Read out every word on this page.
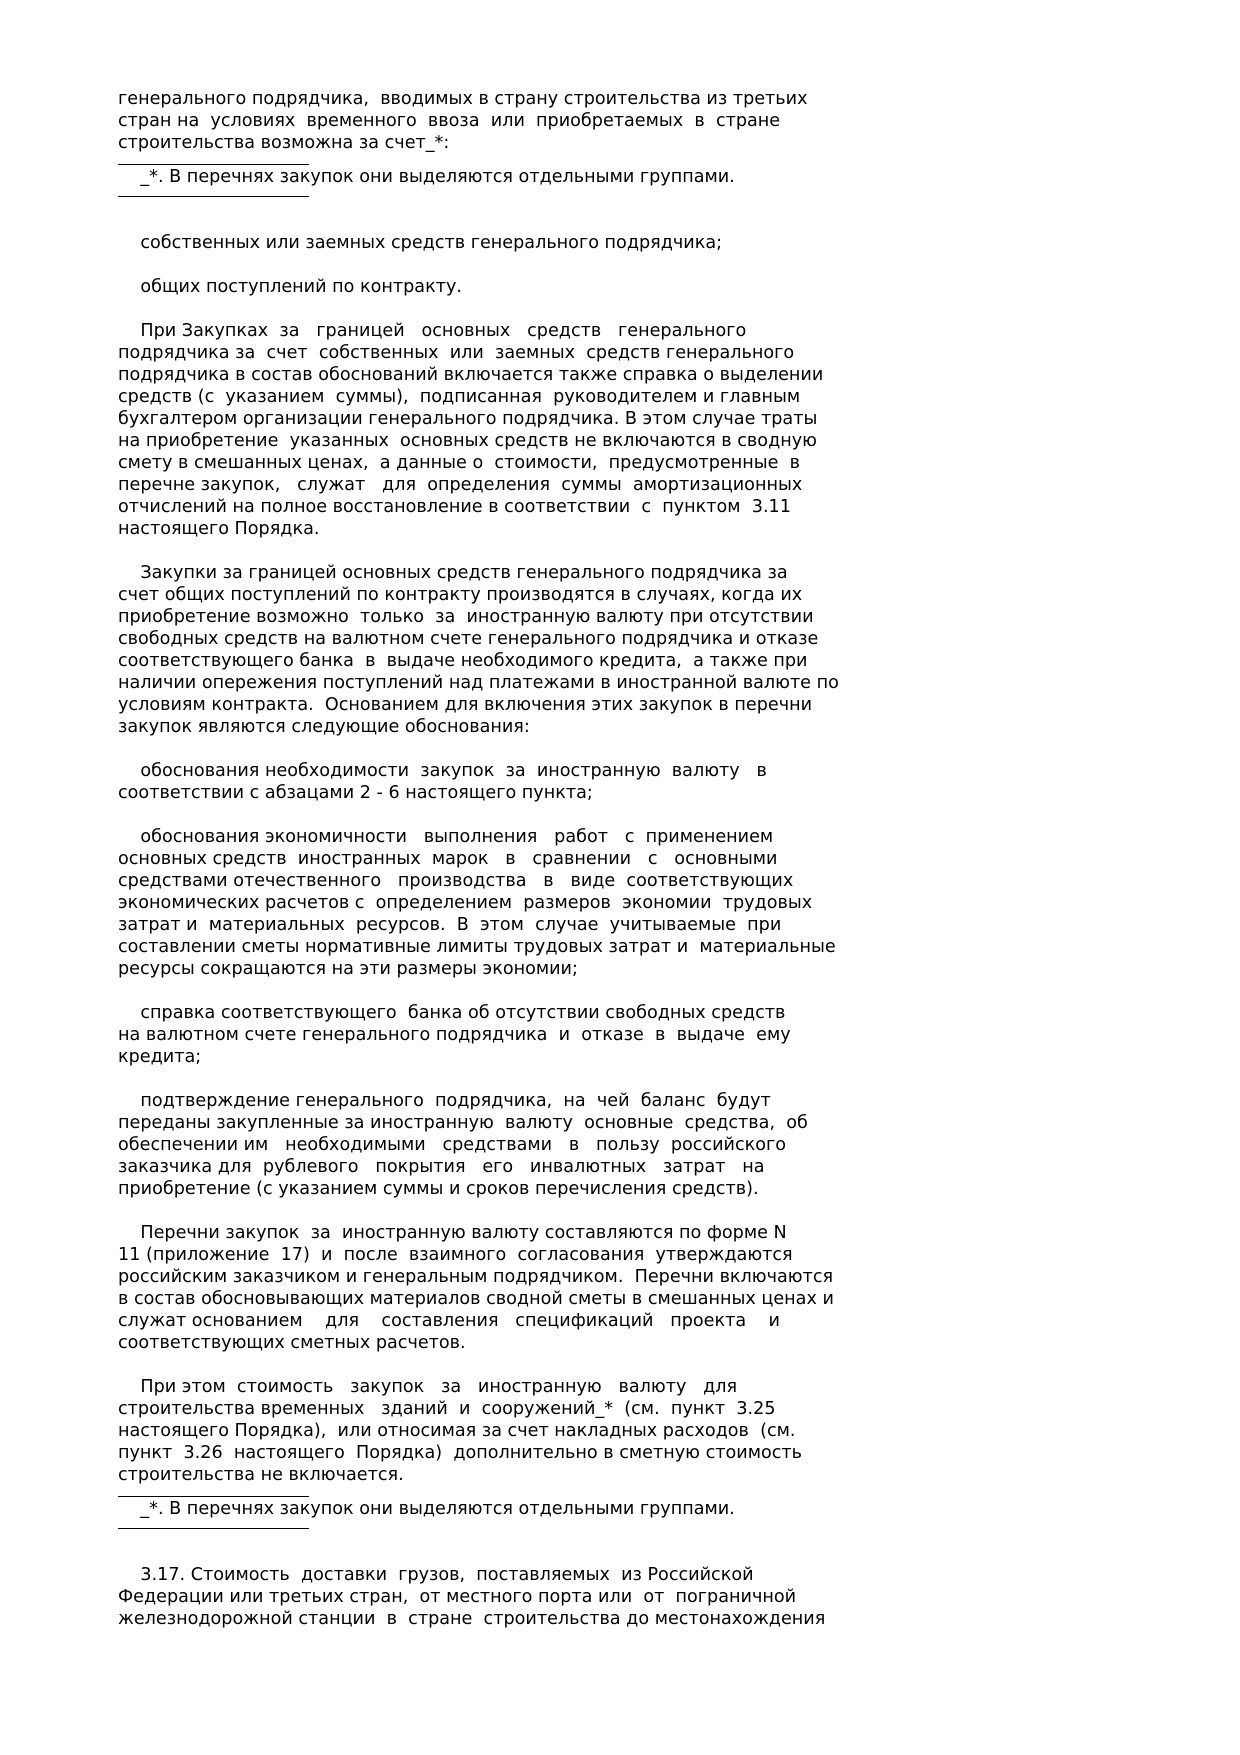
генерального подрядчика,  вводимых в страну строительства из третьих
стран на  условиях  временного  ввоза  или  приобретаемых  в  стране
строительства возможна за счет_*:
_*. В перечнях закупок они выделяются отдельными группами.
собственных или заемных средств генерального подрядчика;
общих поступлений по контракту.
При Закупках  за   границей   основных   средств   генерального
подрядчика за  счет  собственных  или  заемных  средств генерального
подрядчика в состав обоснований включается также справка о выделении
средств (с  указанием  суммы),  подписанная  руководителем и главным
бухгалтером организации генерального подрядчика. В этом случае траты
на приобретение  указанных  основных средств не включаются в сводную
смету в смешанных ценах,  а данные о  стоимости,  предусмотренные  в
перечне закупок,   служат   для  определения  суммы  амортизационных
отчислений на полное восстановление в соответствии  с  пунктом  3.11
настоящего Порядка.
Закупки за границей основных средств генерального подрядчика за
счет общих поступлений по контракту производятся в случаях, когда их
приобретение возможно  только  за  иностранную валюту при отсутствии
свободных средств на валютном счете генерального подрядчика и отказе
соответствующего банка  в  выдаче необходимого кредита,  а также при
наличии опережения поступлений над платежами в иностранной валюте по
условиям контракта.  Основанием для включения этих закупок в перечни
закупок являются следующие обоснования:
обоснования необходимости  закупок  за  иностранную  валюту   в
соответствии с абзацами 2 - 6 настоящего пункта;
обоснования экономичности   выполнения   работ   с  применением
основных средств  иностранных  марок   в   сравнении   с   основными
средствами отечественного   производства   в   виде  соответствующих
экономических расчетов с  определением  размеров  экономии  трудовых
затрат и  материальных  ресурсов.  В  этом  случае  учитываемые  при
составлении сметы нормативные лимиты трудовых затрат и  материальные
ресурсы сокращаются на эти размеры экономии;
справка соответствующего  банка об отсутствии свободных средств
на валютном счете генерального подрядчика  и  отказе  в  выдаче  ему
кредита;
подтверждение генерального  подрядчика,  на  чей  баланс  будут
переданы закупленные за иностранную  валюту  основные  средства,  об
обеспечении им   необходимыми   средствами   в   пользу  российского
заказчика для  рублевого   покрытия   его   инвалютных   затрат   на
приобретение (с указанием суммы и сроков перечисления средств).
Перечни закупок  за  иностранную валюту составляются по форме N
11 (приложение  17)  и  после  взаимного  согласования  утверждаются
российским заказчиком и генеральным подрядчиком.  Перечни включаются
в состав обосновывающих материалов сводной сметы в смешанных ценах и
служат основанием    для    составления   спецификаций   проекта    и
соответствующих сметных расчетов.
При этом  стоимость   закупок   за   иностранную   валюту   для
строительства временных   зданий  и  сооружений_*  (см.  пункт  3.25
настоящего Порядка),  или относимая за счет накладных расходов  (см.
пункт  3.26  настоящего  Порядка)  дополнительно в сметную стоимость
строительства не включается.
_*. В перечнях закупок они выделяются отдельными группами.
3.17. Стоимость  доставки  грузов,  поставляемых  из Российской
Федерации или третьих стран,  от местного порта или  от  пограничной
железнодорожной станции  в  стране  строительства до местонахождения
